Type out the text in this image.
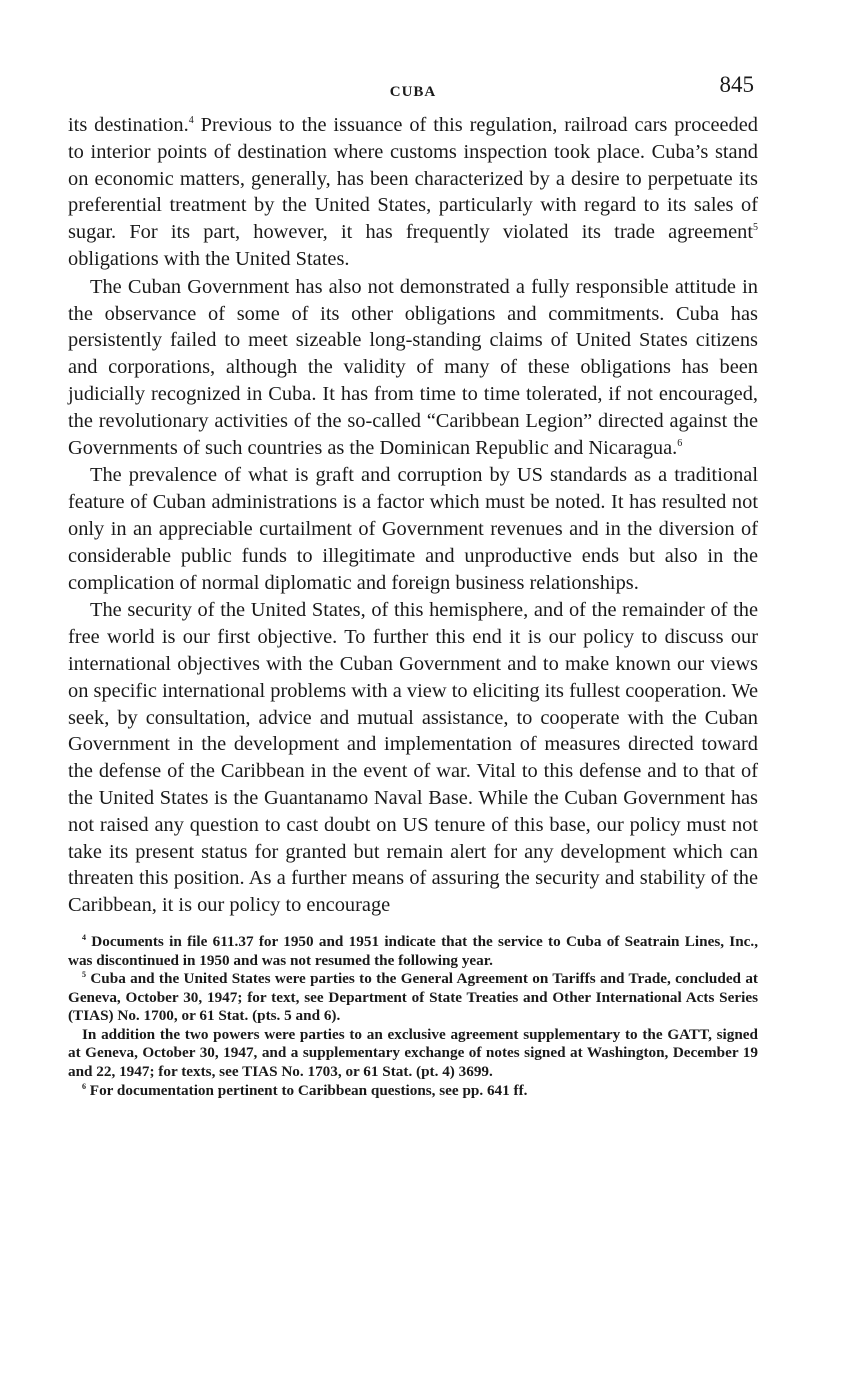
CUBA	845

its destination.$^4$ Previous to the issuance of this regulation, railroad cars proceeded to interior points of destination where customs inspection took place. Cuba’s stand on economic matters, generally, has been characterized by a desire to perpetuate its preferential treatment by the United States, particularly with regard to its sales of sugar. For its part, however, it has frequently violated its trade agreement$^5$ obligations with the United States.

The Cuban Government has also not demonstrated a fully responsible attitude in the observance of some of its other obligations and commitments. Cuba has persistently failed to meet sizeable long-standing claims of United States citizens and corporations, although the validity of many of these obligations has been judicially recognized in Cuba. It has from time to time tolerated, if not encouraged, the revolutionary activities of the so-called “Caribbean Legion” directed against the Governments of such countries as the Dominican Republic and Nicaragua.$^6$

The prevalence of what is graft and corruption by US standards as a traditional feature of Cuban administrations is a factor which must be noted. It has resulted not only in an appreciable curtailment of Government revenues and in the diversion of considerable public funds to illegitimate and unproductive ends but also in the complication of normal diplomatic and foreign business relationships.

The security of the United States, of this hemisphere, and of the remainder of the free world is our first objective. To further this end it is our policy to discuss our international objectives with the Cuban Government and to make known our views on specific international problems with a view to eliciting its fullest cooperation. We seek, by consultation, advice and mutual assistance, to cooperate with the Cuban Government in the development and implementation of measures directed toward the defense of the Caribbean in the event of war. Vital to this defense and to that of the United States is the Guantanamo Naval Base. While the Cuban Government has not raised any question to cast doubt on US tenure of this base, our policy must not take its present status for granted but remain alert for any development which can threaten this position. As a further means of assuring the security and stability of the Caribbean, it is our policy to encourage

$^4$ Documents in file 611.37 for 1950 and 1951 indicate that the service to Cuba of Seatrain Lines, Inc., was discontinued in 1950 and was not resumed the following year.

$^5$ Cuba and the United States were parties to the General Agreement on Tariffs and Trade, concluded at Geneva, October 30, 1947; for text, see Department of State Treaties and Other International Acts Series (TIAS) No. 1700, or 61 Stat. (pts. 5 and 6).

In addition the two powers were parties to an exclusive agreement supplementary to the GATT, signed at Geneva, October 30, 1947, and a supplementary exchange of notes signed at Washington, December 19 and 22, 1947; for texts, see TIAS No. 1703, or 61 Stat. (pt. 4) 3699.

$^6$ For documentation pertinent to Caribbean questions, see pp. 641 ff.
